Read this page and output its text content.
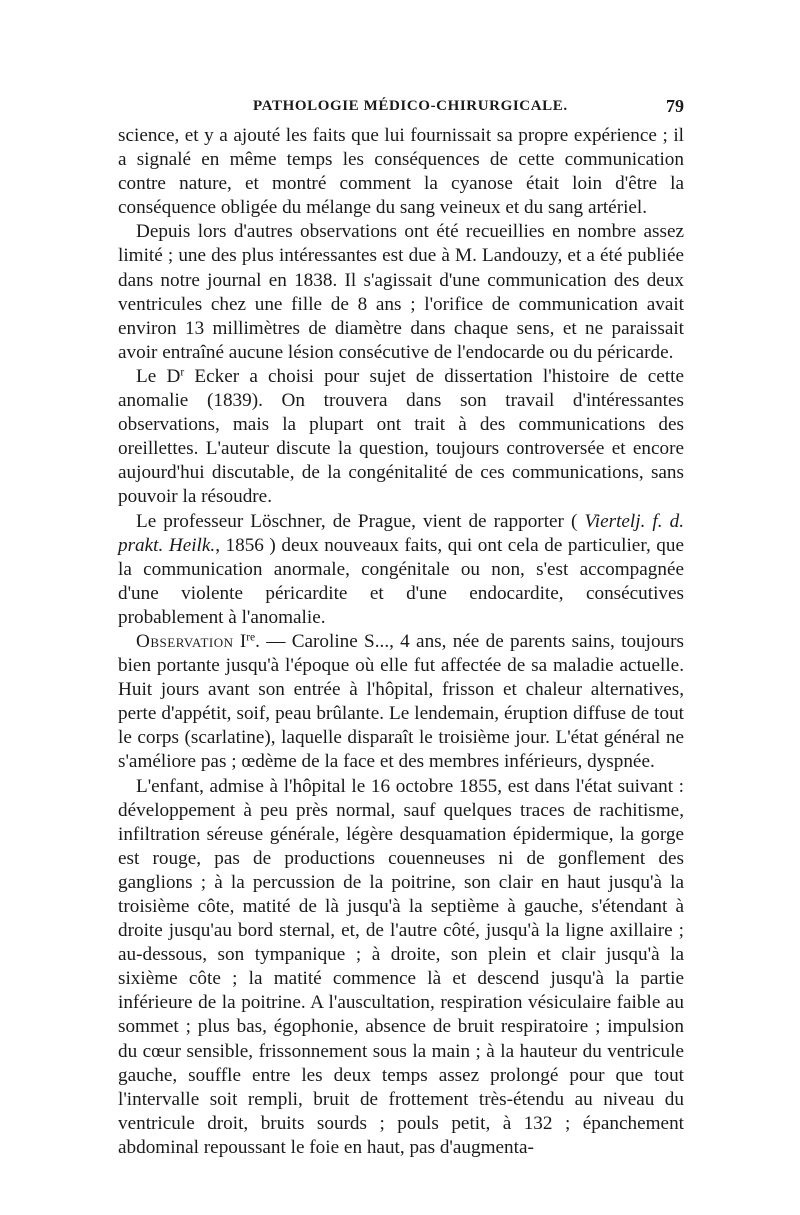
PATHOLOGIE MÉDICO-CHIRURGICALE.	79

science, et y a ajouté les faits que lui fournissait sa propre expérience ; il a signalé en même temps les conséquences de cette communication contre nature, et montré comment la cyanose était loin d'être la conséquence obligée du mélange du sang veineux et du sang artériel.

Depuis lors d'autres observations ont été recueillies en nombre assez limité ; une des plus intéressantes est due à M. Landouzy, et a été publiée dans notre journal en 1838. Il s'agissait d'une communication des deux ventricules chez une fille de 8 ans ; l'orifice de communication avait environ 13 millimètres de diamètre dans chaque sens, et ne paraissait avoir entraîné aucune lésion consécutive de l'endocarde ou du péricarde.

Le $D^r$ Ecker a choisi pour sujet de dissertation l'histoire de cette anomalie (1839). On trouvera dans son travail d'intéressantes observations, mais la plupart ont trait à des communications des oreillettes. L'auteur discute la question, toujours controversée et encore aujourd'hui discutable, de la congénitalité de ces communications, sans pouvoir la résoudre.

Le professeur Löschner, de Prague, vient de rapporter ( Viertelj. f. d. prakt. Heilk., 1856 ) deux nouveaux faits, qui ont cela de particulier, que la communication anormale, congénitale ou non, s'est accompagnée d'une violente péricardite et d'une endocardite, consécutives probablement à l'anomalie.

Observation Ire. — Caroline S..., 4 ans, née de parents sains, toujours bien portante jusqu'à l'époque où elle fut affectée de sa maladie actuelle. Huit jours avant son entrée à l'hôpital, frisson et chaleur alternatives, perte d'appétit, soif, peau brûlante. Le lendemain, éruption diffuse de tout le corps (scarlatine), laquelle disparaît le troisième jour. L'état général ne s'améliore pas ; œdème de la face et des membres inférieurs, dyspnée.

L'enfant, admise à l'hôpital le 16 octobre 1855, est dans l'état suivant : développement à peu près normal, sauf quelques traces de rachitisme, infiltration séreuse générale, légère desquamation épidermique, la gorge est rouge, pas de productions couenneuses ni de gonflement des ganglions ; à la percussion de la poitrine, son clair en haut jusqu'à la troisième côte, matité de là jusqu'à la septième à gauche, s'étendant à droite jusqu'au bord sternal, et, de l'autre côté, jusqu'à la ligne axillaire ; au-dessous, son tympanique ; à droite, son plein et clair jusqu'à la sixième côte ; la matité commence là et descend jusqu'à la partie inférieure de la poitrine. A l'auscultation, respiration vésiculaire faible au sommet ; plus bas, égophonie, absence de bruit respiratoire ; impulsion du cœur sensible, frissonnement sous la main ; à la hauteur du ventricule gauche, souffle entre les deux temps assez prolongé pour que tout l'intervalle soit rempli, bruit de frottement très-étendu au niveau du ventricule droit, bruits sourds ; pouls petit, à 132 ; épanchement abdominal repoussant le foie en haut, pas d'augmenta-
